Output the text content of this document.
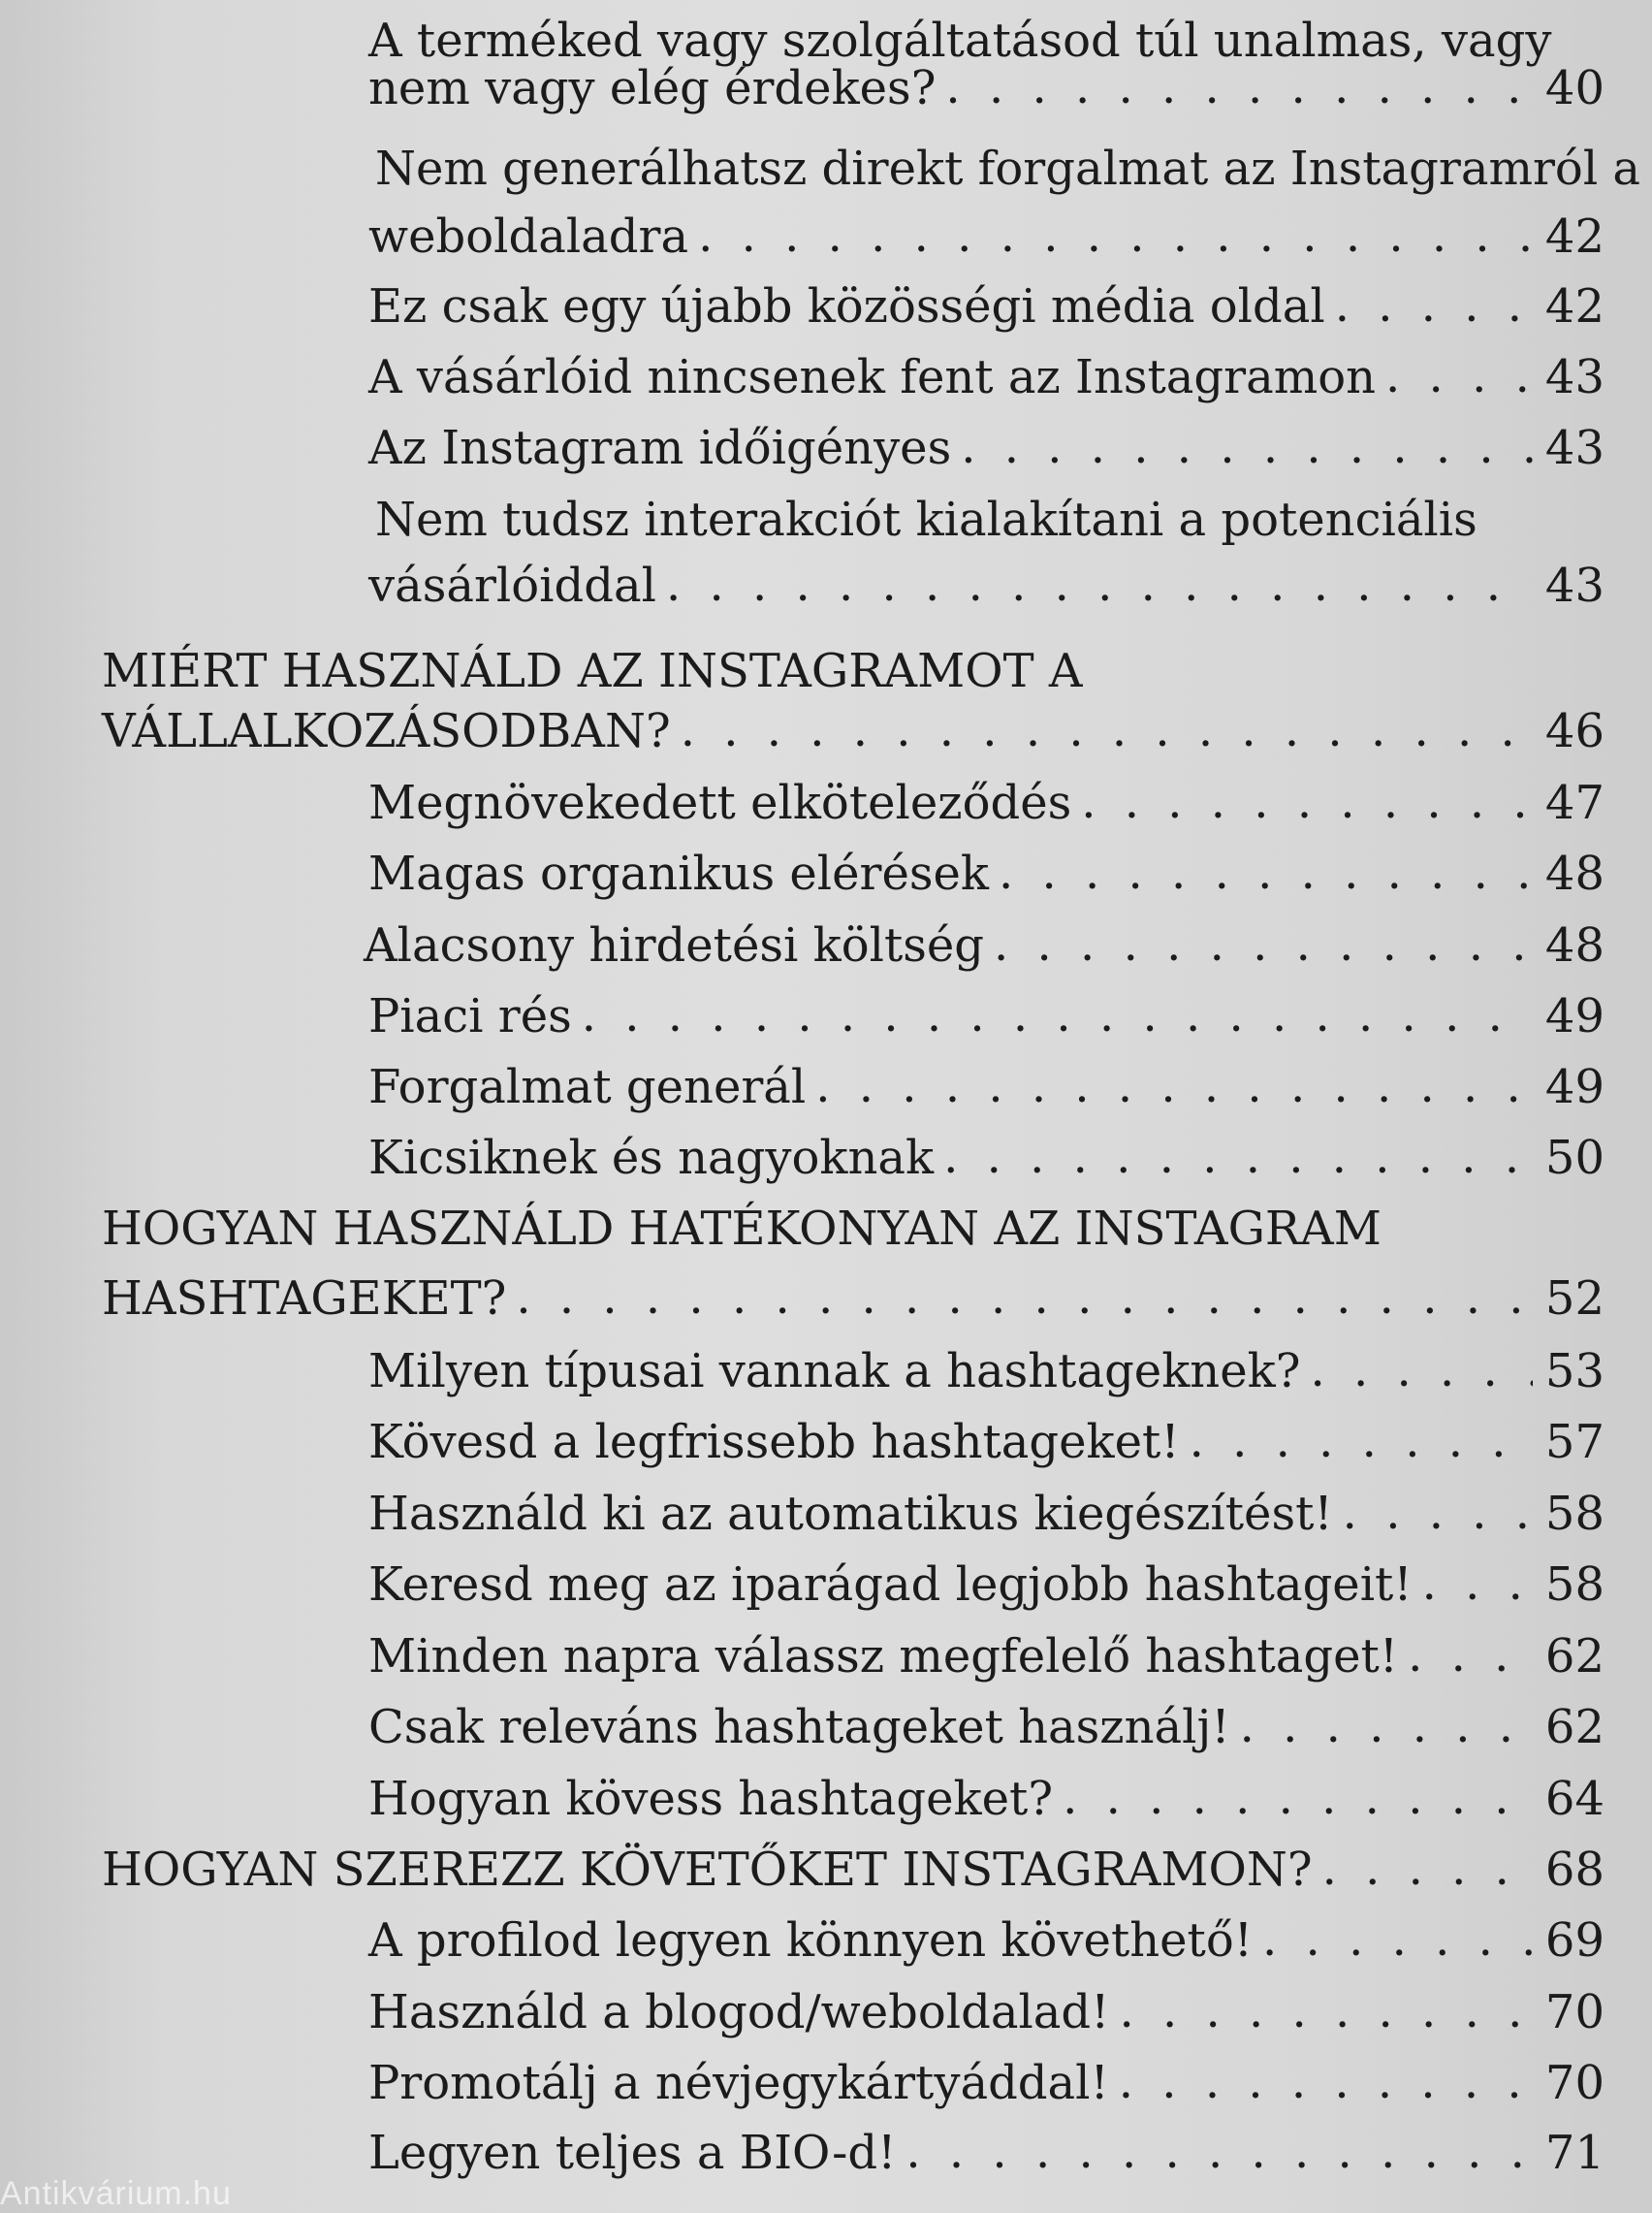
A terméked vagy szolgáltatásod túl unalmas, vagy
nem vagy elég érdekes? . . .	40
Nem generálhatsz direkt forgalmat az Instagramról a
weboldaladra . . .	42
Ez csak egy újabb közösségi média oldal . . .	42
A vásárlóid nincsenek fent az Instagramon . . .	43
Az Instagram időigényes . . .	43
Nem tudsz interakciót kialakítani a potenciális
vásárlóiddal . . .	43
MIÉRT HASZNÁLD AZ INSTAGRAMOT A
VÁLLALKOZÁSODBAN? . . .	46
Megnövekedett elköteleződés . . .	47
Magas organikus elérések . . .	48
Alacsony hirdetési költség . . .	48
Piaci rés . . .	49
Forgalmat generál . . .	49
Kicsiknek és nagyoknak . . .	50
HOGYAN HASZNÁLD HATÉKONYAN AZ INSTAGRAM
HASHTAGEKET? . . .	52
Milyen típusai vannak a hashtageknek? . . .	53
Kövesd a legfrissebb hashtageket! . . .	57
Használd ki az automatikus kiegészítést! . . .	58
Keresd meg az iparágad legjobb hashtageit! . . .	58
Minden napra válassz megfelelő hashtaget! . . .	62
Csak releváns hashtageket használj! . . .	62
Hogyan kövess hashtageket? . . .	64
HOGYAN SZEREZZ KÖVETŐKET INSTAGRAMON? . . .	68
A profilod legyen könnyen követhető! . . .	69
Használd a blogod/weboldalad! . . .	70
Promotálj a névjegykártyáddal! . . .	70
Legyen teljes a BIO-d! . . .	71
Antikvárium.hu
